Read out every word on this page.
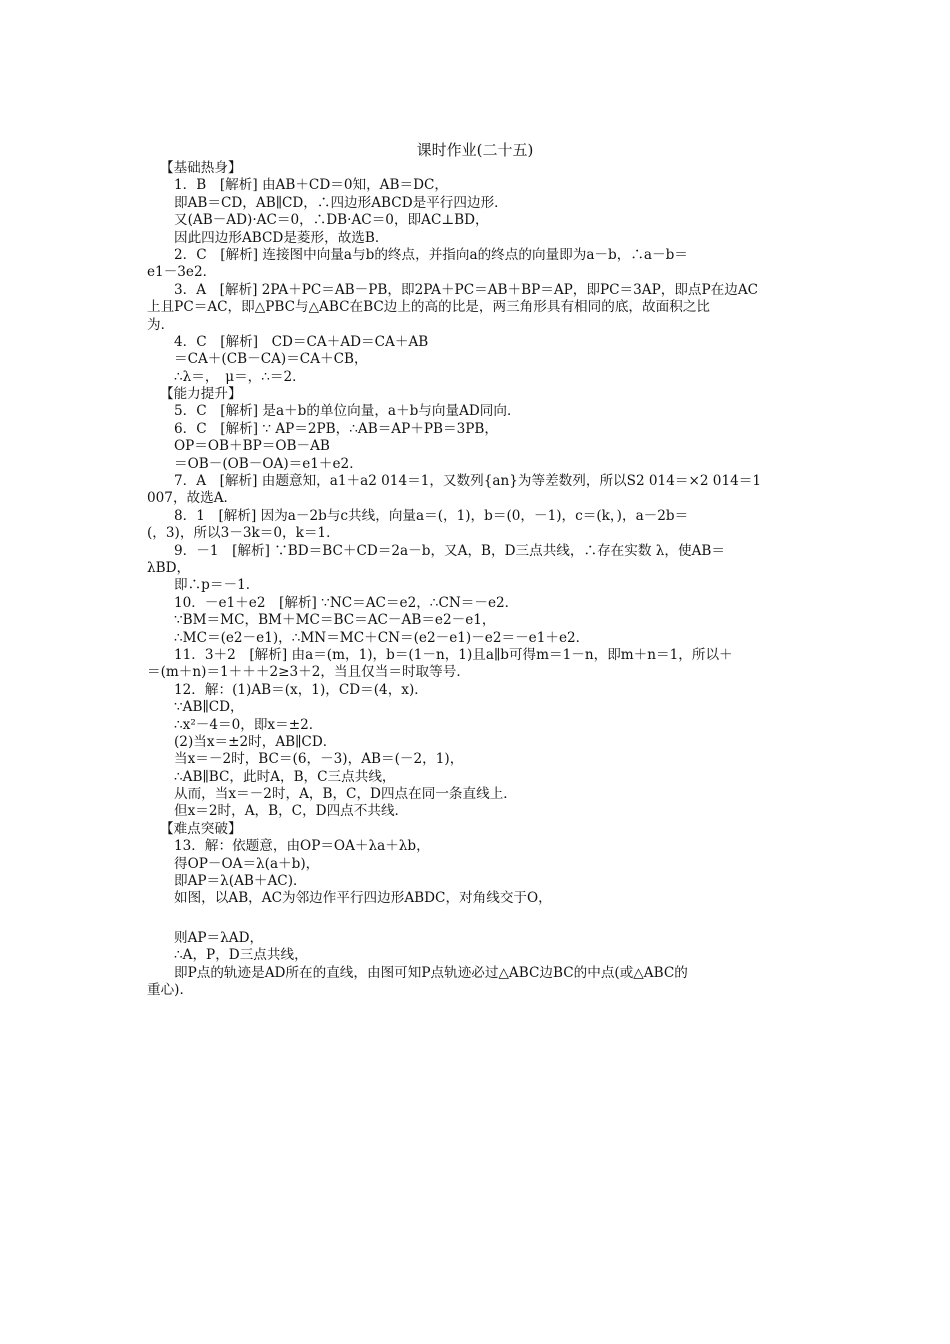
课时作业(二十五)
【基础热身】
1．B　[解析] 由AB＋CD＝0知，AB＝DC，
即AB＝CD，AB∥CD，∴四边形ABCD是平行四边形．
又(AB－AD)·AC＝0，∴DB·AC＝0，即AC⊥BD，
因此四边形ABCD是菱形，故选B．
2．C　[解析] 连接图中向量a与b的终点，并指向a的终点的向量即为a－b，∴a－b＝
e1－3e2．
3．A　[解析] 2PA＋PC＝AB－PB，即2PA＋PC＝AB＋BP＝AP，即PC＝3AP，即点P在边AC
上且PC＝AC，即△PBC与△ABC在BC边上的高的比是，两三角形具有相同的底，故面积之比
为．
4．C　[解析]　CD＝CA＋AD＝CA＋AB
＝CA＋(CB－CA)＝CA＋CB，
∴λ＝，　μ＝，∴＝2．
【能力提升】
5．C　[解析] 是a＋b的单位向量，a＋b与向量AD同向．
6．C　[解析] ∵ AP＝2PB，∴AB＝AP＋PB＝3PB，
OP＝OB＋BP＝OB－AB
＝OB－(OB－OA)＝e1＋e2．
7．A　[解析] 由题意知，a1＋a2 014＝1，又数列{an}为等差数列，所以S2 014＝×2 014＝1
007，故选A．
8．1　[解析] 因为a－2b与c共线，向量a＝(，1)，b＝(0，－1)，c＝(k，)，a－2b＝
(，3)，所以3－3k＝0，k＝1．
9．－1　[解析] ∵BD＝BC＋CD＝2a－b，又A，B，D三点共线，∴存在实数 λ，使AB＝
λBD，
即∴p＝－1．
10．－e1＋e2　[解析] ∵NC＝AC＝e2，∴CN＝－e2．
∵BM＝MC，BM＋MC＝BC＝AC－AB＝e2－e1，
∴MC＝(e2－e1)，∴MN＝MC＋CN＝(e2－e1)－e2＝－e1＋e2．
11．3＋2　[解析] 由a＝(m，1)，b＝(1－n，1)且a∥b可得m＝1－n，即m＋n＝1，所以＋
＝(m＋n)＝1＋＋＋2≥3＋2，当且仅当＝时取等号．
12．解：(1)AB＝(x，1)，CD＝(4，x)．
∵AB∥CD，
∴x²－4＝0，即x＝±2．
(2)当x＝±2时，AB∥CD．
当x＝－2时，BC＝(6，－3)，AB＝(－2，1)，
∴AB∥BC，此时A，B，C三点共线，
从而，当x＝－2时，A，B，C，D四点在同一条直线上．
但x＝2时，A，B，C，D四点不共线．
【难点突破】
13．解：依题意，由OP＝OA＋λa＋λb，
得OP－OA＝λ(a＋b)，
即AP＝λ(AB＋AC)．
如图，以AB，AC为邻边作平行四边形ABDC，对角线交于O，
则AP＝λAD，
∴A，P，D三点共线，
即P点的轨迹是AD所在的直线，由图可知P点轨迹必过△ABC边BC的中点(或△ABC的
重心)．
